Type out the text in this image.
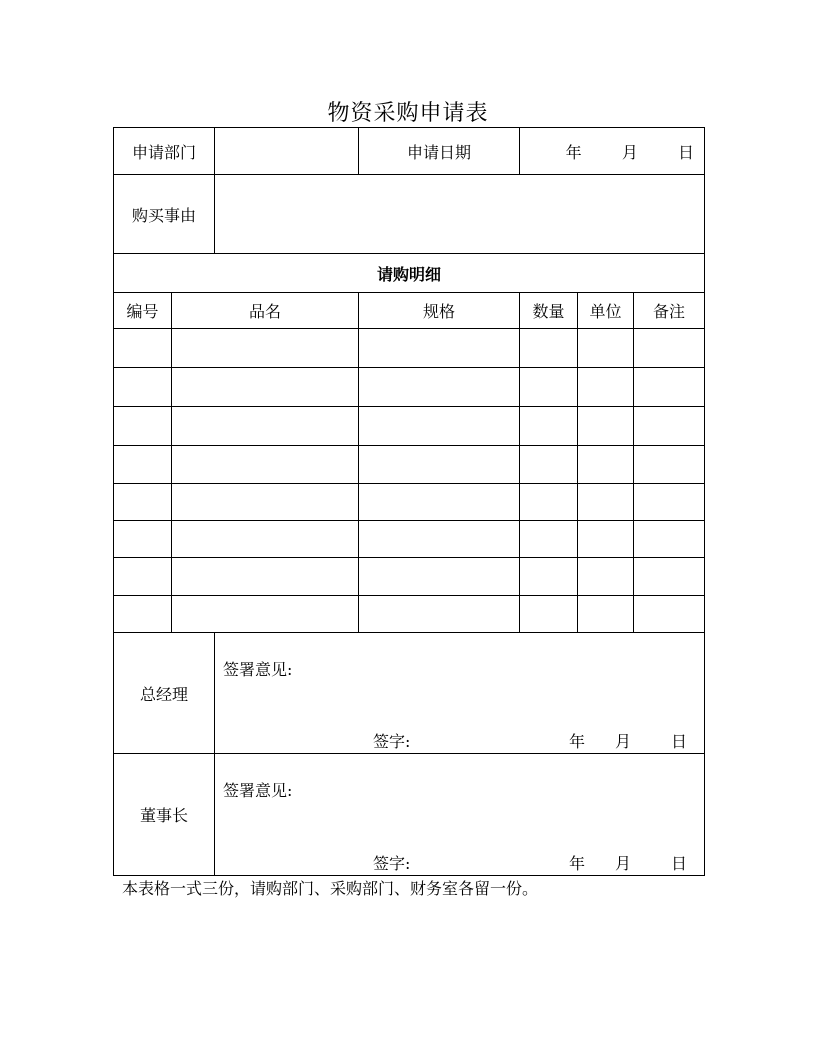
物资采购申请表
申请部门			申请日期	年 月 日		
购买事由						
请购明细						
编号	品名		规格	数量	单位	备注

总经理		签署意见:
签字: 年 月 日				

董事长		签署意见:
签字: 年 月 日				
本表格一式三份，请购部门、采购部门、财务室各留一份。
